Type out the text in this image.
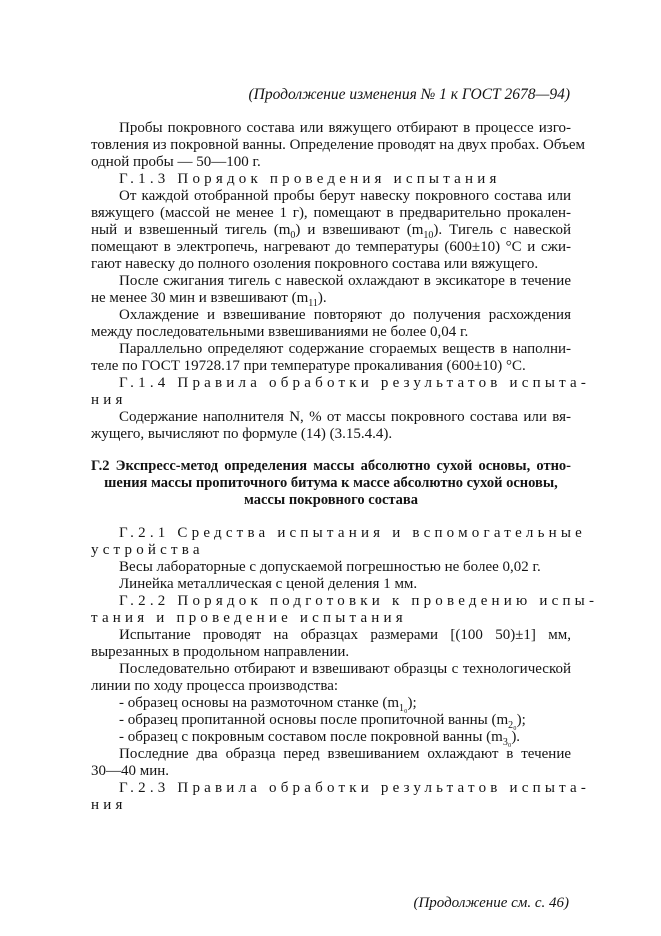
(Продолжение изменения № 1 к ГОСТ 2678—94)
Пробы покровного состава или вяжущего отбирают в процессе изго-
товления из покровной ванны. Определение проводят на двух пробах. Объем
одной пробы — 50—100 г.
Г.1.3 Порядок проведения испытания
От каждой отобранной пробы берут навеску покровного состава или
вяжущего (массой не менее 1 г), помещают в предварительно прокален-
ный и взвешенный тигель $(m_0)$ и взвешивают $(m_{10})$. Тигель с навеской
помещают в электропечь, нагревают до температуры (600±10) °C и сжи-
гают навеску до полного озоления покровного состава или вяжущего.
После сжигания тигель с навеской охлаждают в эксикаторе в течение
не менее 30 мин и взвешивают $(m_{11})$.
Охлаждение и взвешивание повторяют до получения расхождения
между последовательными взвешиваниями не более 0,04 г.
Параллельно определяют содержание сгораемых веществ в наполни-
теле по ГОСТ 19728.17 при температуре прокаливания (600±10) °C.
Г.1.4 Правила обработки результатов испыта-
ния
Содержание наполнителя N, % от массы покровного состава или вя-
жущего, вычисляют по формуле (14) (3.15.4.4).
Г.2 Экспресс-метод определения массы абсолютно сухой основы, отно-
шения массы пропиточного битума к массе абсолютно сухой основы,
массы покровного состава
Г.2.1 Средства испытания и вспомогательные
устройства
Весы лабораторные с допускаемой погрешностью не более 0,02 г.
Линейка металлическая с ценой деления 1 мм.
Г.2.2 Порядок подготовки к проведению испы-
тания и проведение испытания
Испытание проводят на образцах размерами [(100 50)±1] мм,
вырезанных в продольном направлении.
Последовательно отбирают и взвешивают образцы с технологической
линии по ходу процесса производства:
- образец основы на размоточном станке $(m_{1_0})$;
- образец пропитанной основы после пропиточной ванны $(m_{2_0})$;
- образец с покровным составом после покровной ванны $(m_{3_0})$.
Последние два образца перед взвешиванием охлаждают в течение
30—40 мин.
Г.2.3 Правила обработки результатов испыта-
ния
(Продолжение см. с. 46)
